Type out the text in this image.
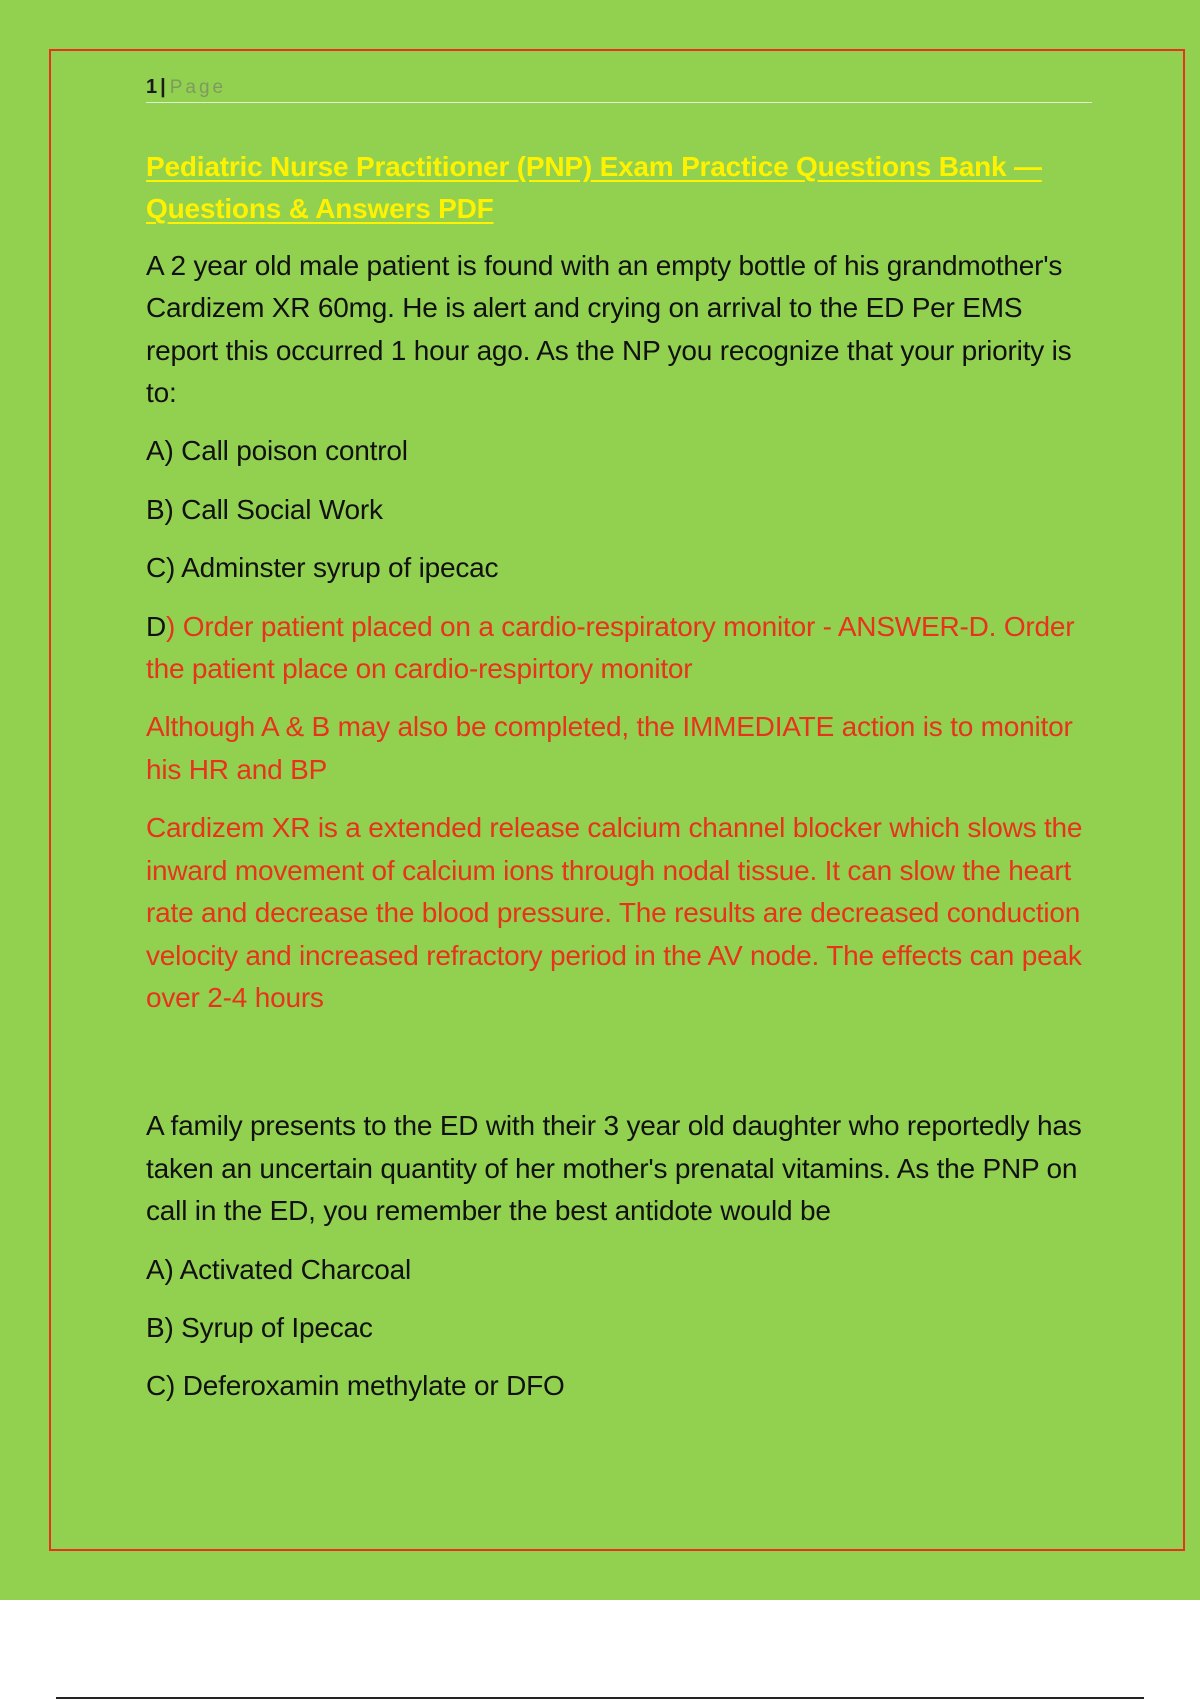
1 | Page
Pediatric Nurse Practitioner (PNP) Exam Practice Questions Bank —
Questions & Answers PDF
A 2 year old male patient is found with an empty bottle of his grandmother's Cardizem XR 60mg. He is alert and crying on arrival to the ED Per EMS report this occurred 1 hour ago. As the NP you recognize that your priority is to:
A) Call poison control
B) Call Social Work
C) Adminster syrup of ipecac
D) Order patient placed on a cardio-respiratory monitor - ANSWER-D. Order the patient place on cardio-respirtory monitor
Although A & B may also be completed, the IMMEDIATE action is to monitor his HR and BP
Cardizem XR is a extended release calcium channel blocker which slows the inward movement of calcium ions through nodal tissue. It can slow the heart rate and decrease the blood pressure. The results are decreased conduction velocity and increased refractory period in the AV node. The effects can peak over 2-4 hours
A family presents to the ED with their 3 year old daughter who reportedly has taken an uncertain quantity of her mother's prenatal vitamins. As the PNP on call in the ED, you remember the best antidote would be
A) Activated Charcoal
B) Syrup of Ipecac
C) Deferoxamin methylate or DFO
